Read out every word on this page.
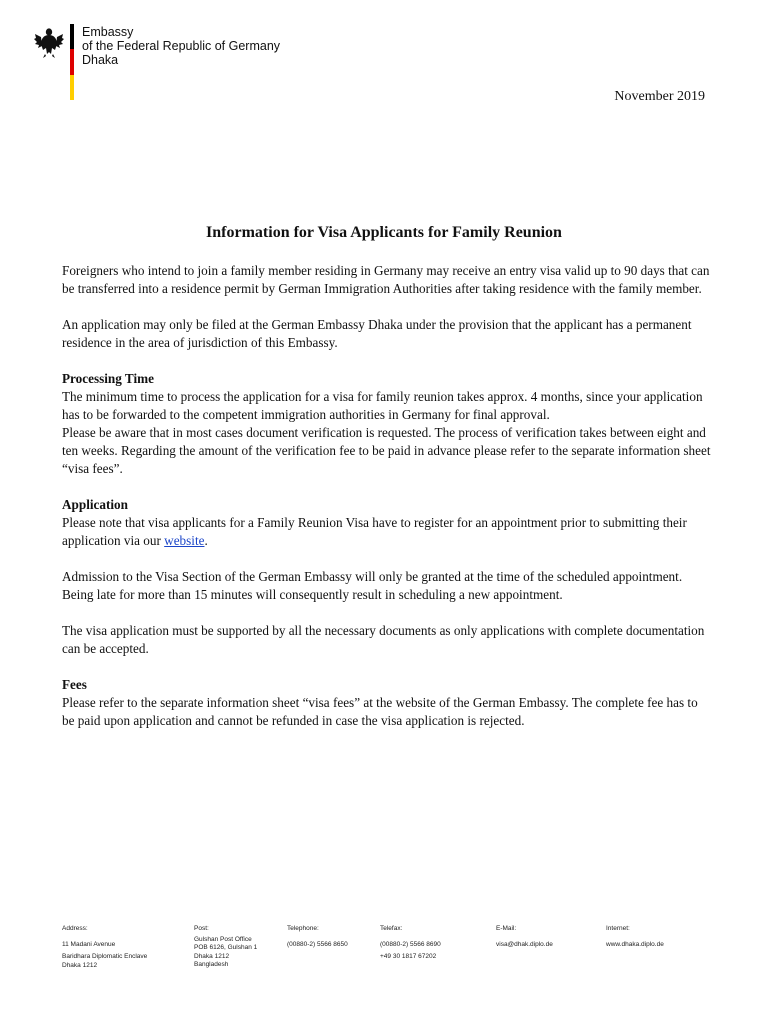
Embassy
of the Federal Republic of Germany
Dhaka
November 2019
Information for Visa Applicants for Family Reunion

Foreigners who intend to join a family member residing in Germany may receive an entry visa valid up to 90 days that can be transferred into a residence permit by German Immigration Authorities after taking residence with the family member.

An application may only be filed at the German Embassy Dhaka under the provision that the applicant has a permanent residence in the area of jurisdiction of this Embassy.

Processing Time
The minimum time to process the application for a visa for family reunion takes approx. 4 months, since your application has to be forwarded to the competent immigration authorities in Germany for final approval.

Please be aware that in most cases document verification is requested. The process of verification takes between eight and ten weeks. Regarding the amount of the verification fee to be paid in advance please refer to the separate information sheet “visa fees”.

Application

Please note that visa applicants for a Family Reunion Visa have to register for an appointment prior to submitting their application via our website.

Admission to the Visa Section of the German Embassy will only be granted at the time of the scheduled appointment. Being late for more than 15 minutes will consequently result in scheduling a new appointment.

The visa application must be supported by all the necessary documents as only applications with complete documentation can be accepted.

Fees
Please refer to the separate information sheet “visa fees” at the website of the German Embassy. The complete fee has to be paid upon application and cannot be refunded in case the visa application is rejected.
Address:
11 Madani Avenue
Baridhara Diplomatic Enclave
Dhaka 1212
Post:
Gulshan Post Office
POB 6126, Gulshan 1
Dhaka 1212
Bangladesh
Telephone:
(00880-2) 5566 8650
Telefax:
(00880-2) 5566 8690
+49 30 1817 67202
E-Mail:
visa@dhak.diplo.de
Internet:
www.dhaka.diplo.de
